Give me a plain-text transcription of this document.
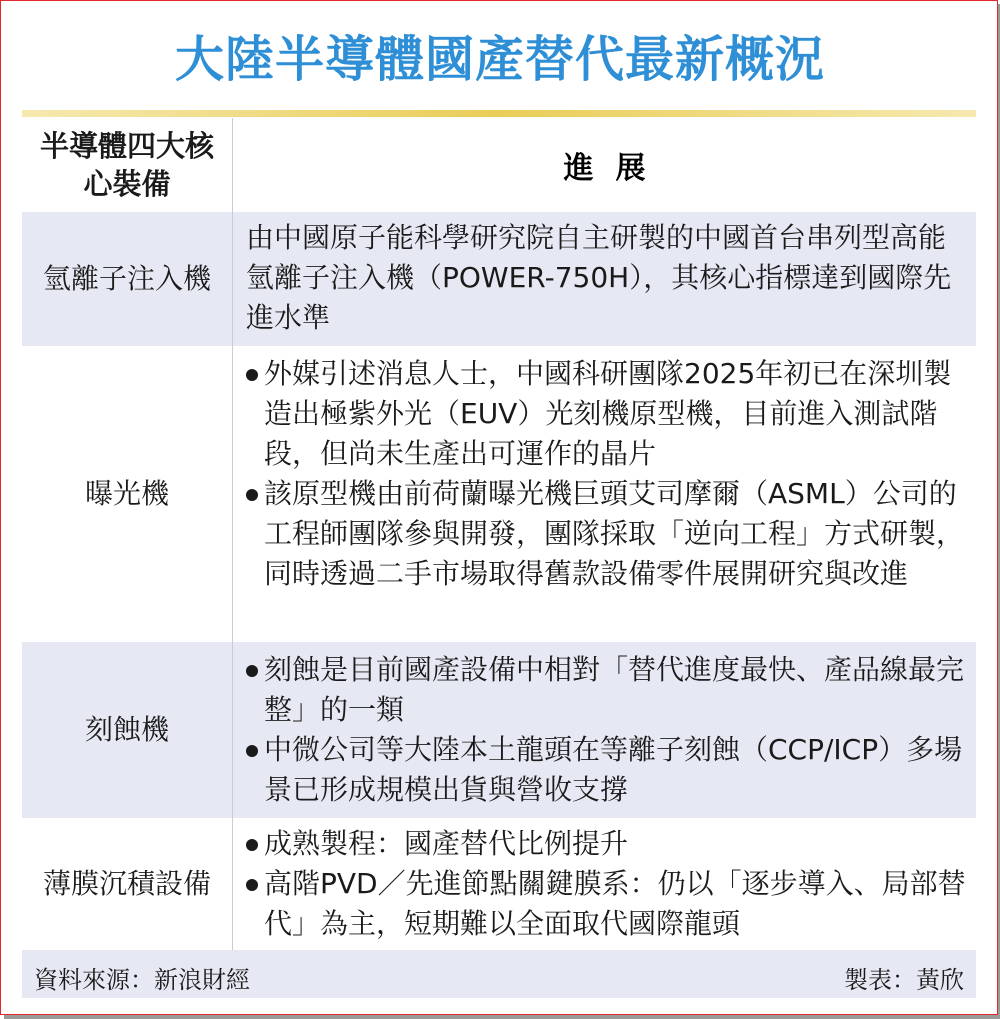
大陸半導體國產替代最新概況
半導體四大核心裝備	進展
氫離子注入機
由中國原子能科學研究院自主研製的中國首台串列型高能氫離子注入機（POWER-750H），其核心指標達到國際先進水準
曝光機
外媒引述消息人士，中國科研團隊2025年初已在深圳製造出極紫外光（EUV）光刻機原型機，目前進入測試階段，但尚未生產出可運作的晶片
該原型機由前荷蘭曝光機巨頭艾司摩爾（ASML）公司的工程師團隊參與開發，團隊採取「逆向工程」方式研製，同時透過二手市場取得舊款設備零件展開研究與改進
刻蝕機
刻蝕是目前國產設備中相對「替代進度最快、產品線最完整」的一類
中微公司等大陸本土龍頭在等離子刻蝕（CCP/ICP）多場景已形成規模出貨與營收支撐
薄膜沉積設備
成熟製程：國產替代比例提升
高階PVD／先進節點關鍵膜系：仍以「逐步導入、局部替代」為主，短期難以全面取代國際龍頭
資料來源：新浪財經	製表：黃欣
